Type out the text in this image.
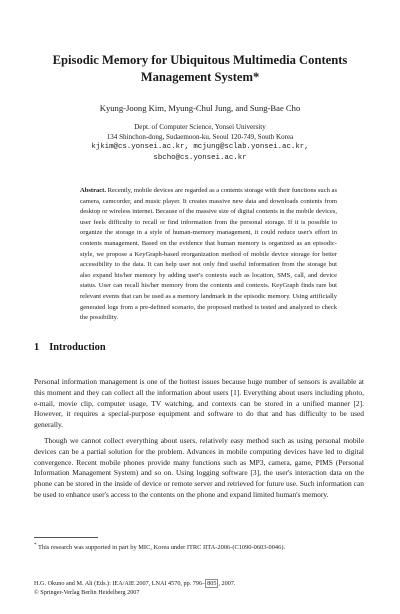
Episodic Memory for Ubiquitous Multimedia Contents
Management System*
Kyung-Joong Kim, Myung-Chul Jung, and Sung-Bae Cho
Dept. of Computer Science, Yonsei University
134 Shinchon-dong, Sudaemoon-ku, Seoul 120-749, South Korea
kjkim@cs.yonsei.ac.kr, mcjung@sclab.yonsei.ac.kr,
sbcho@cs.yonsei.ac.kr
Abstract. Recently, mobile devices are regarded as a contents storage with their functions such as camera, camcorder, and music player. It creates massive new data and downloads contents from desktop or wireless internet. Because of the massive size of digital contents in the mobile devices, user feels difficulty to recall or find information from the personal storage. If it is possible to organize the storage in a style of human-memory management, it could reduce user's effort in contents management. Based on the evidence that human memory is organized as an episodic-style, we propose a KeyGraph-based reorganization method of mobile device storage for better accessibility to the data. It can help user not only find useful information from the storage but also expand his/her memory by adding user's contexts such as location, SMS, call, and device status. User can recall his/her memory from the contents and contexts. KeyGraph finds rare but relevant events that can be used as a memory landmark in the episodic memory. Using artificially generated logs from a pre-defined scenario, the proposed method is tested and analyzed to check the possibility.
1 Introduction

Personal information management is one of the hottest issues because huge number of sensors is available at this moment and they can collect all the information about users [1]. Everything about users including photo, e-mail, movie clip, computer usage, TV watching, and contexts can be stored in a unified manner [2]. However, it requires a special-purpose equipment and software to do that and has difficulty to be used generally.

Though we cannot collect everything about users, relatively easy method such as using personal mobile devices can be a partial solution for the problem. Advances in mobile computing devices have led to digital convergence. Recent mobile phones provide many functions such as MP3, camera, game, PIMS (Personal Information Management System) and so on. Using logging software [3], the user's interaction data on the phone can be stored in the inside of device or remote server and retrieved for future use. Such information can be used to enhance user's access to the contents on the phone and expand limited human's memory.

* This research was supported in part by MIC, Korea under ITRC IITA-2006-(C1090-0603-0046).
H.G. Okuno and M. Ali (Eds.): IEA/AIE 2007, LNAI 4570, pp. 796– 805 , 2007.
© Springer-Verlag Berlin Heidelberg 2007
